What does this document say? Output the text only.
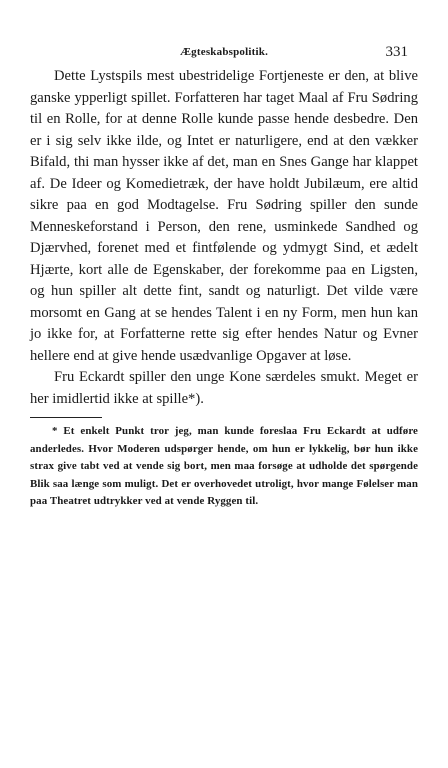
Ægteskabspolitik.	331

Dette Lystspils mest ubestridelige Fortjeneste er den, at blive ganske ypperligt spillet. Forfatteren har taget Maal af Fru Sødring til en Rolle, for at denne Rolle kunde passe hende desbedre. Den er i sig selv ikke ilde, og Intet er naturligere, end at den vækker Bifald, thi man hysser ikke af det, man en Snes Gange har klappet af. De Ideer og Komedietræk, der have holdt Jubilæum, ere altid sikre paa en god Modtagelse. Fru Sødring spiller den sunde Menneskeforstand i Person, den rene, usminkede Sandhed og Djærvhed, forenet med et fintfølende og ydmygt Sind, et ædelt Hjærte, kort alle de Egenskaber, der forekomme paa en Ligsten, og hun spiller alt dette fint, sandt og naturligt. Det vilde være morsomt en Gang at se hendes Talent i en ny Form, men hun kan jo ikke for, at Forfatterne rette sig efter hendes Natur og Evner hellere end at give hende usædvanlige Opgaver at løse.

Fru Eckardt spiller den unge Kone særdeles smukt. Meget er her imidlertid ikke at spille*).

* Et enkelt Punkt tror jeg, man kunde foreslaa Fru Eckardt at udføre anderledes. Hvor Moderen udspørger hende, om hun er lykkelig, bør hun ikke strax give tabt ved at vende sig bort, men maa forsøge at udholde det spørgende Blik saa længe som muligt. Det er overhovedet utroligt, hvor mange Følelser man paa Theatret udtrykker ved at vende Ryggen til.
